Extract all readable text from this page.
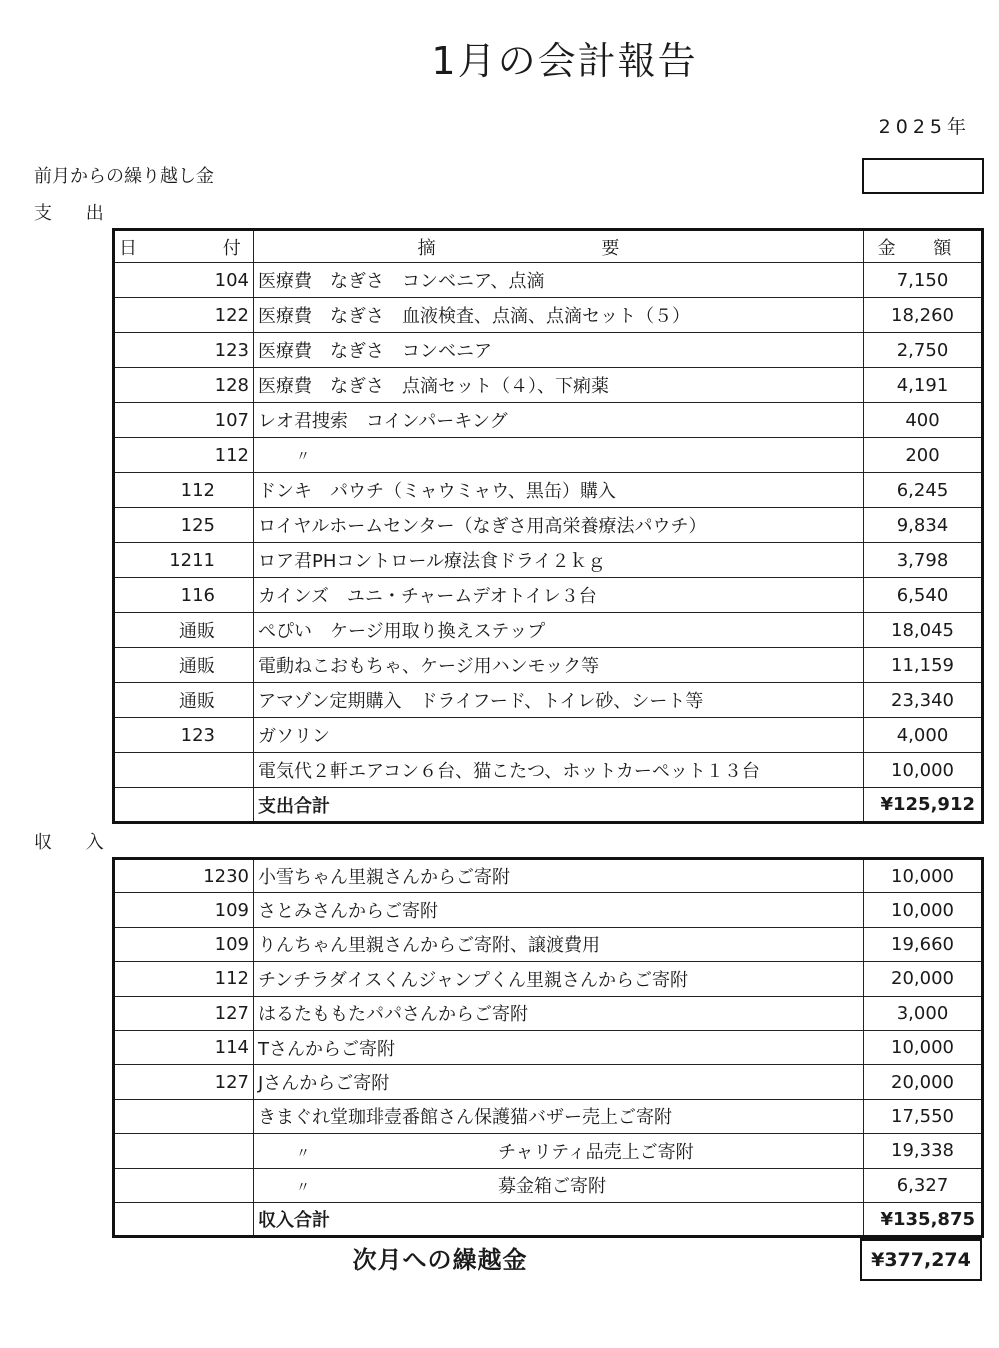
1月の会計報告
2025年
前月からの繰り越し金
支 出
日 付	摘 要	金 額
104	医療費　なぎさ　コンベニア、点滴	7,150
122	医療費　なぎさ　血液検査、点滴、点滴セット（５）	18,260
123	医療費　なぎさ　コンベニア	2,750
128	医療費　なぎさ　点滴セット（４）、下痢薬	4,191
107	レオ君捜索　コインパーキング	400
112	〃	200
112	ドンキ　パウチ（ミャウミャウ、黒缶）購入	6,245
125	ロイヤルホームセンター（なぎさ用高栄養療法パウチ）	9,834
1211	ロア君PHコントロール療法食ドライ２ｋｇ	3,798
116	カインズ　ユニ・チャームデオトイレ３台	6,540
通販	ぺぴい　ケージ用取り換えステップ	18,045
通販	電動ねこおもちゃ、ケージ用ハンモック等	11,159
通販	アマゾン定期購入　ドライフード、トイレ砂、シート等	23,340
123	ガソリン	4,000
	電気代２軒エアコン６台、猫こたつ、ホットカーペット１３台	10,000
	支出合計	¥125,912
収 入
1230	小雪ちゃん里親さんからご寄附	10,000
109	さとみさんからご寄附	10,000
109	りんちゃん里親さんからご寄附、譲渡費用	19,660
112	チンチラダイスくんジャンプくん里親さんからご寄附	20,000
127	はるたももたパパさんからご寄附	3,000
114	Tさんからご寄附	10,000
127	Jさんからご寄附	20,000
	きまぐれ堂珈琲壹番館さん保護猫バザー売上ご寄附	17,550
	〃 チャリティ品売上ご寄附	19,338
	〃 募金箱ご寄附	6,327
	収入合計	¥135,875
次月への繰越金	¥377,274
